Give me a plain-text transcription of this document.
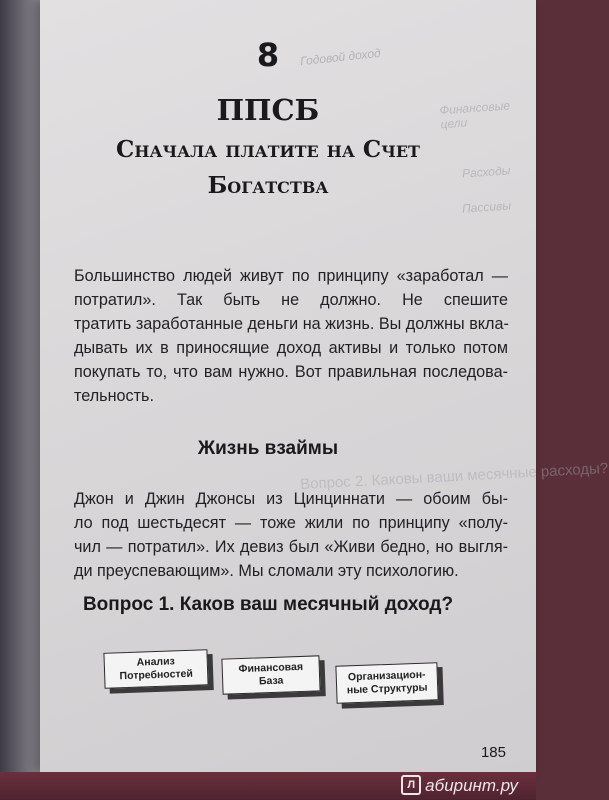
Годовой доход
Финансовые цели
Расходы
Пассивы
Вопрос 2. Каковы ваши месячные расходы?
8
ППСБ
Сначала платите на Счет
Богатства
Большинство людей живут по принципу «заработал — потратил». Так быть не должно. Не спешите
тратить заработанные деньги на жизнь. Вы должны вкла-
дывать их в приносящие доход активы и только потом
покупать то, что вам нужно. Вот правильная последова-
тельность.
Жизнь взаймы
Джон и Джин Джонсы из Цинциннати — обоим бы-
ло под шестьдесят — тоже жили по принципу «полу-
чил — потратил». Их девиз был «Живи бедно, но выгля-
ди преуспевающим». Мы сломали эту психологию.
Вопрос 1. Каков ваш месячный доход?
Анализ
Потребностей	Финансовая
База	Организацион-
ные Структуры
185
Л абиринт.ру
